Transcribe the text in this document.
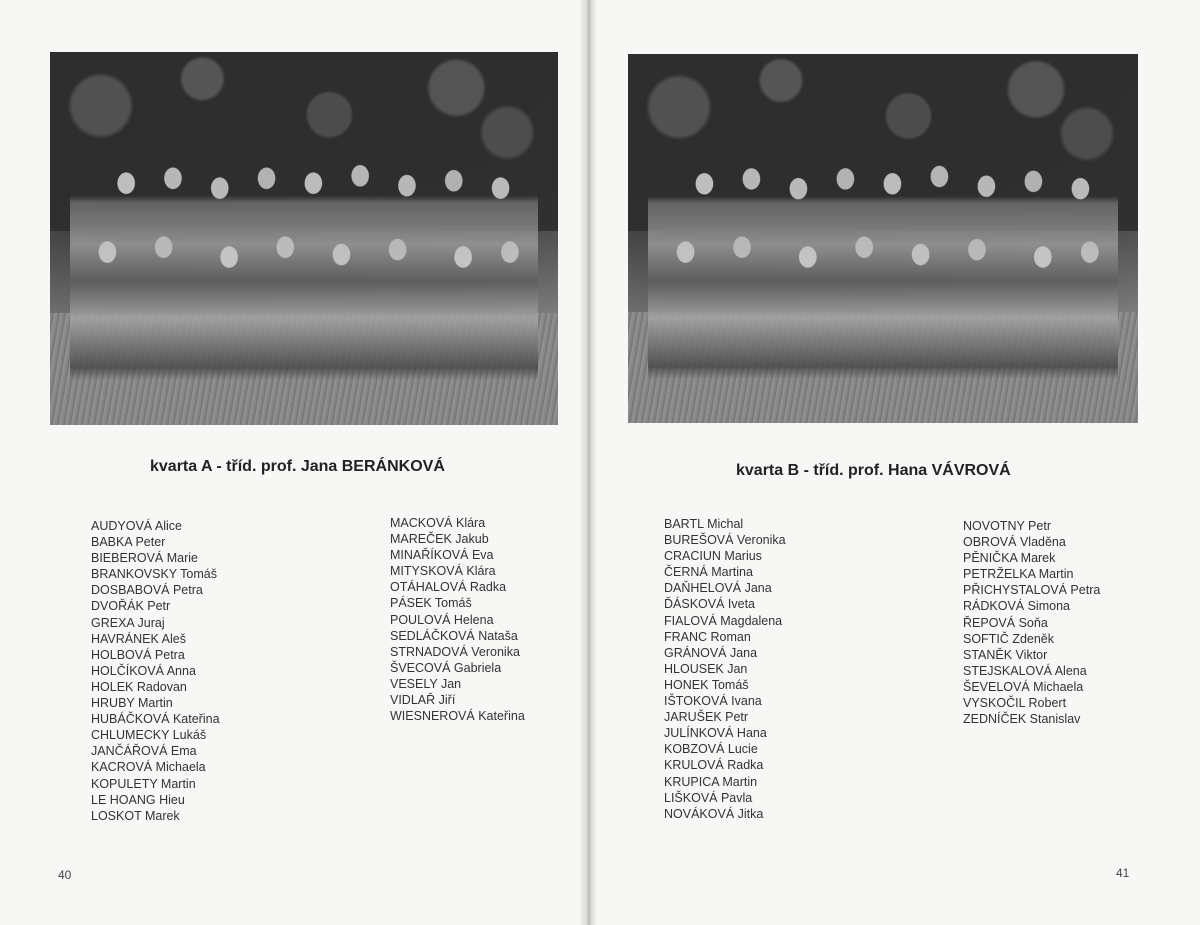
kvarta A - tříd. prof. Jana BERÁNKOVÁ	kvarta B - tříd. prof. Hana VÁVROVÁ
AUDYOVÁ Alice
BABKA Peter
BIEBEROVÁ Marie
BRANKOVSKY Tomáš
DOSBABOVÁ Petra
DVOŘÁK Petr
GREXA Juraj
HAVRÁNEK Aleš
HOLBOVÁ Petra
HOLČÍKOVÁ Anna
HOLEK Radovan
HRUBY Martin
HUBÁČKOVÁ Kateřina
CHLUMECKY Lukáš
JANČÁŘOVÁ Ema
KACROVÁ Michaela
KOPULETY Martin
LE HOANG Hieu
LOSKOT Marek
MACKOVÁ Klára
MAREČEK Jakub
MINAŘÍKOVÁ Eva
MITYSKOVÁ Klára
OTÁHALOVÁ Radka
PÁSEK Tomáš
POULOVÁ Helena
SEDLÁČKOVÁ Nataša
STRNADOVÁ Veronika
ŠVECOVÁ Gabriela
VESELY Jan
VIDLAŘ Jiří
WIESNEROVÁ Kateřina
BARTL Michal
BUREŠOVÁ Veronika
CRACIUN Marius
ČERNÁ Martina
DAŇHELOVÁ Jana
ĎÁSKOVÁ Iveta
FIALOVÁ Magdalena
FRANC Roman
GRÁNOVÁ Jana
HLOUSEK Jan
HONEK Tomáš
IŠTOKOVÁ Ivana
JARUŠEK Petr
JULÍNKOVÁ Hana
KOBZOVÁ Lucie
KRULOVÁ Radka
KRUPICA Martin
LIŠKOVÁ Pavla
NOVÁKOVÁ Jitka
NOVOTNY Petr
OBROVÁ Vladěna
PĚNIČKA Marek
PETRŽELKA Martin
PŘICHYSTALOVÁ Petra
RÁDKOVÁ Simona
ŘEPOVÁ Soňa
SOFTIČ Zdeněk
STANĚK Viktor
STEJSKALOVÁ Alena
ŠEVELOVÁ Michaela
VYSKOČIL Robert
ZEDNÍČEK Stanislav
40	41
